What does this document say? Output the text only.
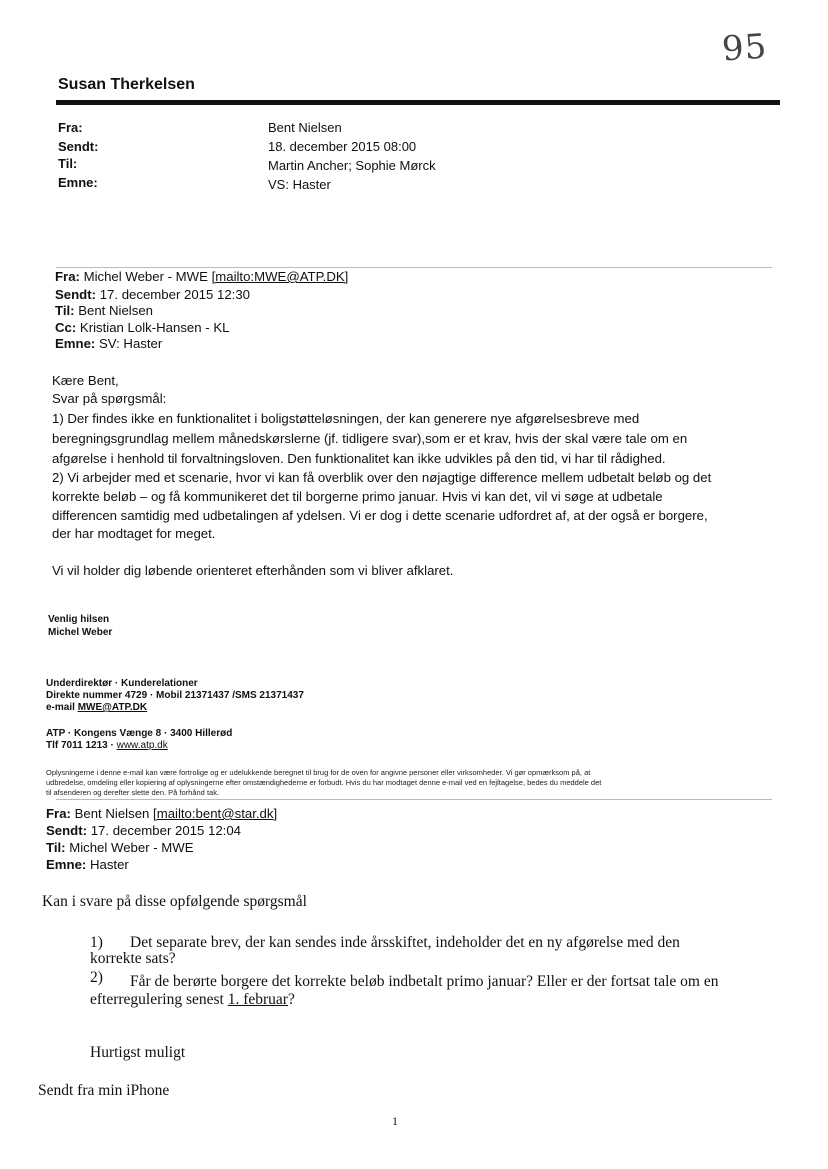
95
Susan Therkelsen
Fra:
Sendt:
Til:
Emne:
Bent Nielsen
18. december 2015 08:00
Martin Ancher; Sophie Mørck
VS: Haster
Fra: Michel Weber - MWE [mailto:MWE@ATP.DK]
Sendt: 17. december 2015 12:30
Til: Bent Nielsen
Cc: Kristian Lolk-Hansen - KL
Emne: SV: Haster
Kære Bent,
Svar på spørgsmål:
1) Der findes ikke en funktionalitet i boligstøtteløsningen, der kan generere nye afgørelsesbreve med
beregningsgrundlag mellem månedskørslerne (jf. tidligere svar),som er et krav, hvis der skal være tale om en
afgørelse i henhold til forvaltningsloven. Den funktionalitet kan ikke udvikles på den tid, vi har til rådighed.
2) Vi arbejder med et scenarie, hvor vi kan få overblik over den nøjagtige difference mellem udbetalt beløb og det
korrekte beløb – og få kommunikeret det til borgerne primo januar. Hvis vi kan det, vil vi søge at udbetale
differencen samtidig med udbetalingen af ydelsen. Vi er dog i dette scenarie udfordret af, at der også er borgere,
der har modtaget for meget.
Vi vil holder dig løbende orienteret efterhånden som vi bliver afklaret.
Venlig hilsen
Michel Weber
Underdirektør · Kunderelationer
Direkte nummer 4729 · Mobil 21371437 /SMS 21371437
e-mail MWE@ATP.DK
ATP · Kongens Vænge 8 · 3400 Hillerød
Tlf 7011 1213 · www.atp.dk
Oplysningerne i denne e-mail kan være fortrolige og er udelukkende beregnet til brug for de oven for angivne personer eller virksomheder. Vi gør opmærksom på, at
udbredelse, omdeling eller kopiering af oplysningerne efter omstændighederne er forbudt. Hvis du har modtaget denne e-mail ved en fejltagelse, bedes du meddele det
til afsenderen og derefter slette den. På forhånd tak.
Fra: Bent Nielsen [mailto:bent@star.dk]
Sendt: 17. december 2015 12:04
Til: Michel Weber - MWE
Emne: Haster
Kan i svare på disse opfølgende spørgsmål
1) Det separate brev, der kan sendes inde årsskiftet, indeholder det en ny afgørelse med den
korrekte sats?
2) Får de berørte borgere det korrekte beløb indbetalt primo januar? Eller er der fortsat tale om en
efterregulering senest 1. februar?
Hurtigst muligt
Sendt fra min iPhone
1
